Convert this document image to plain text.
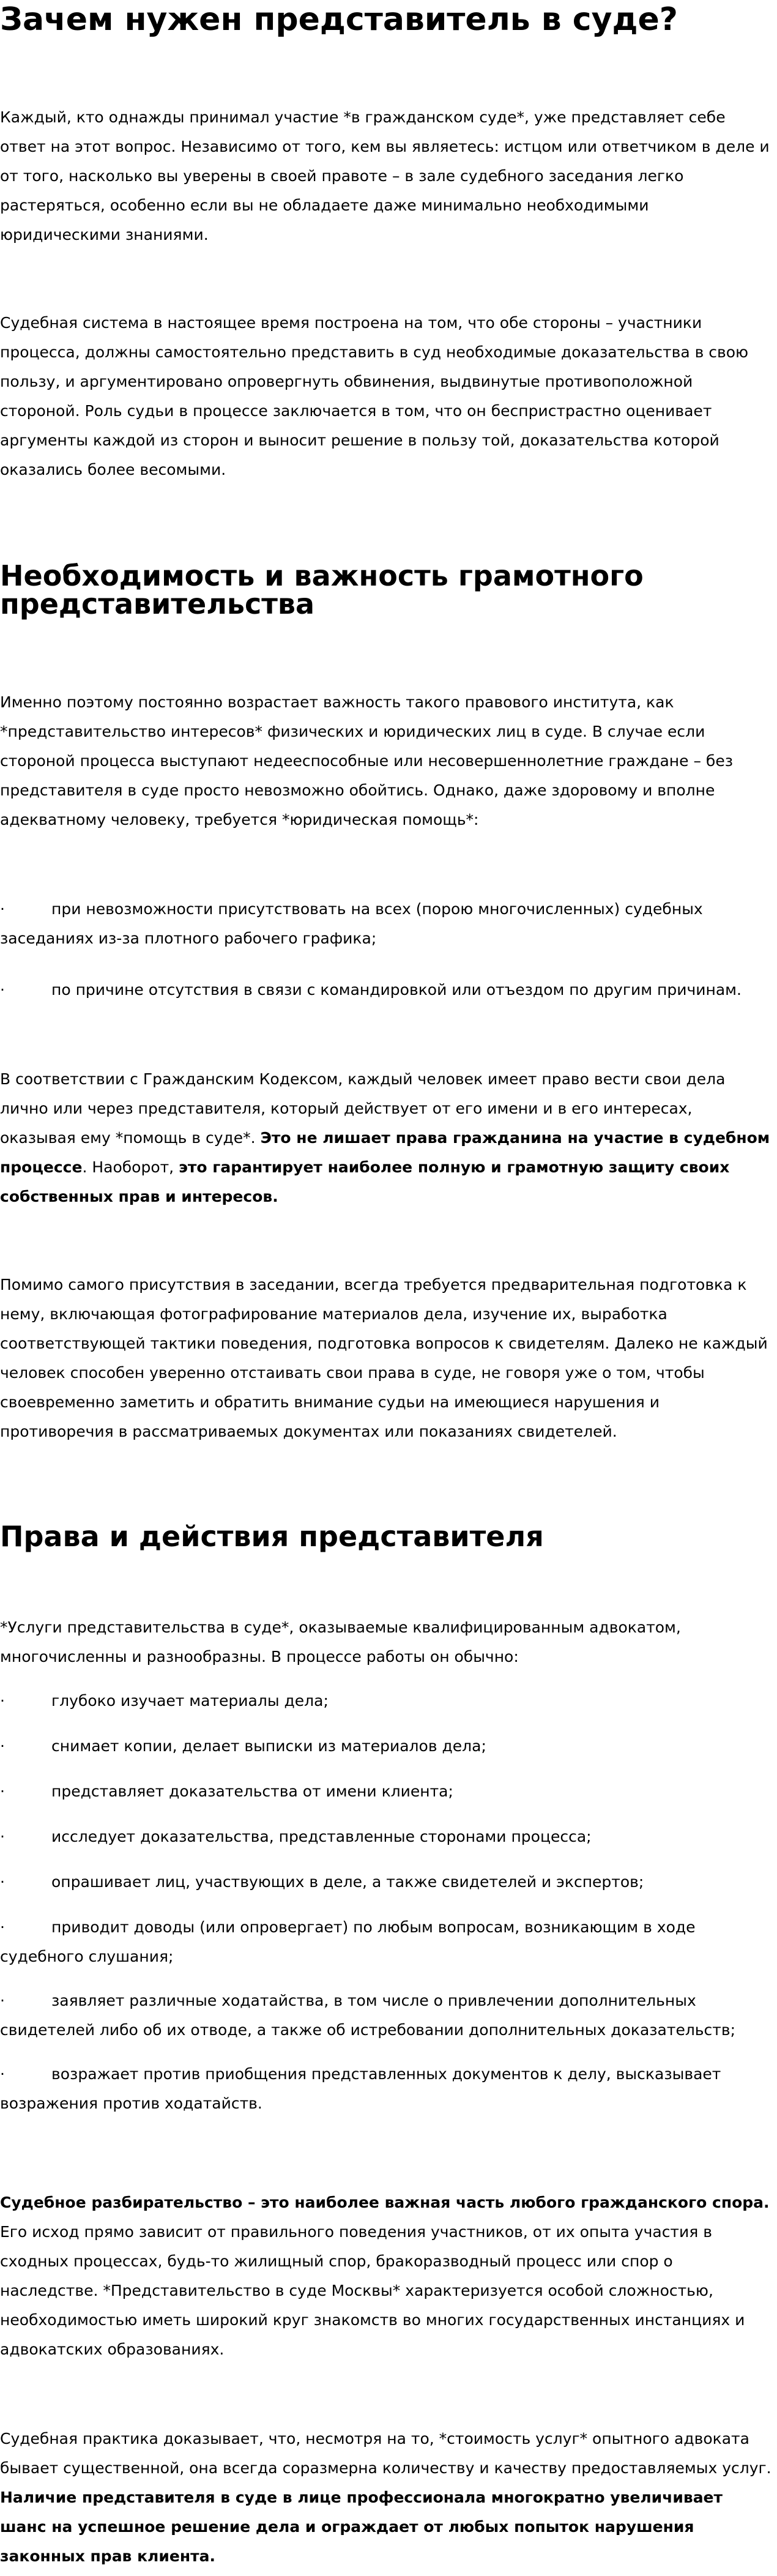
Зачем нужен представитель в суде?

Каждый, кто однажды принимал участие *в гражданском суде*, уже представляет себе ответ на этот вопрос. Независимо от того, кем вы являетесь: истцом или ответчиком в деле и от того, насколько вы уверены в своей правоте – в зале судебного заседания легко растеряться, особенно если вы не обладаете даже минимально необходимыми юридическими знаниями.

Судебная система в настоящее время построена на том, что обе стороны – участники процесса, должны самостоятельно представить в суд необходимые доказательства в свою пользу, и аргументировано опровергнуть обвинения, выдвинутые противоположной стороной. Роль судьи в процессе заключается в том, что он беспристрастно оценивает аргументы каждой из сторон и выносит решение в пользу той, доказательства которой оказались более весомыми.

Необходимость и важность грамотного представительства

Именно поэтому постоянно возрастает важность такого правового института, как *представительство интересов* физических и юридических лиц в суде. В случае если стороной процесса выступают недееспособные или несовершеннолетние граждане – без представителя в суде просто невозможно обойтись. Однако, даже здоровому и вполне адекватному человеку, требуется *юридическая помощь*:

·	при невозможности присутствовать на всех (порою многочисленных) судебных заседаниях из-за плотного рабочего графика;
·	по причине отсутствия в связи с командировкой или отъездом по другим причинам.

В соответствии с Гражданским Кодексом, каждый человек имеет право вести свои дела лично или через представителя, который действует от его имени и в его интересах, оказывая ему *помощь в суде*. Это не лишает права гражданина на участие в судебном процессе. Наоборот, это гарантирует наиболее полную и грамотную защиту своих собственных прав и интересов.

Помимо самого присутствия в заседании, всегда требуется предварительная подготовка к нему, включающая фотографирование материалов дела, изучение их, выработка соответствующей тактики поведения, подготовка вопросов к свидетелям. Далеко не каждый человек способен уверенно отстаивать свои права в суде, не говоря уже о том, чтобы своевременно заметить и обратить внимание судьи на имеющиеся нарушения и противоречия в рассматриваемых документах или показаниях свидетелей.

Права и действия представителя

*Услуги представительства в суде*, оказываемые квалифицированным адвокатом, многочисленны и разнообразны. В процессе работы он обычно:

·	глубоко изучает материалы дела;
·	снимает копии, делает выписки из материалов дела;
·	представляет доказательства от имени клиента;
·	исследует доказательства, представленные сторонами процесса;
·	опрашивает лиц, участвующих в деле, а также свидетелей и экспертов;
·	приводит доводы (или опровергает) по любым вопросам, возникающим в ходе судебного слушания;
·	заявляет различные ходатайства, в том числе о привлечении дополнительных свидетелей либо об их отводе, а также об истребовании дополнительных доказательств;
·	возражает против приобщения представленных документов к делу, высказывает возражения против ходатайств.

Судебное разбирательство – это наиболее важная часть любого гражданского спора. Его исход прямо зависит от правильного поведения участников, от их опыта участия в сходных процессах, будь-то жилищный спор, бракоразводный процесс или спор о наследстве. *Представительство в суде Москвы* характеризуется особой сложностью, необходимостью иметь широкий круг знакомств во многих государственных инстанциях и адвокатских образованиях.

Судебная практика доказывает, что, несмотря на то, *стоимость услуг* опытного адвоката бывает существенной, она всегда соразмерна количеству и качеству предоставляемых услуг. Наличие представителя в суде в лице профессионала многократно увеличивает шанс на успешное решение дела и ограждает от любых попыток нарушения законных прав клиента.
